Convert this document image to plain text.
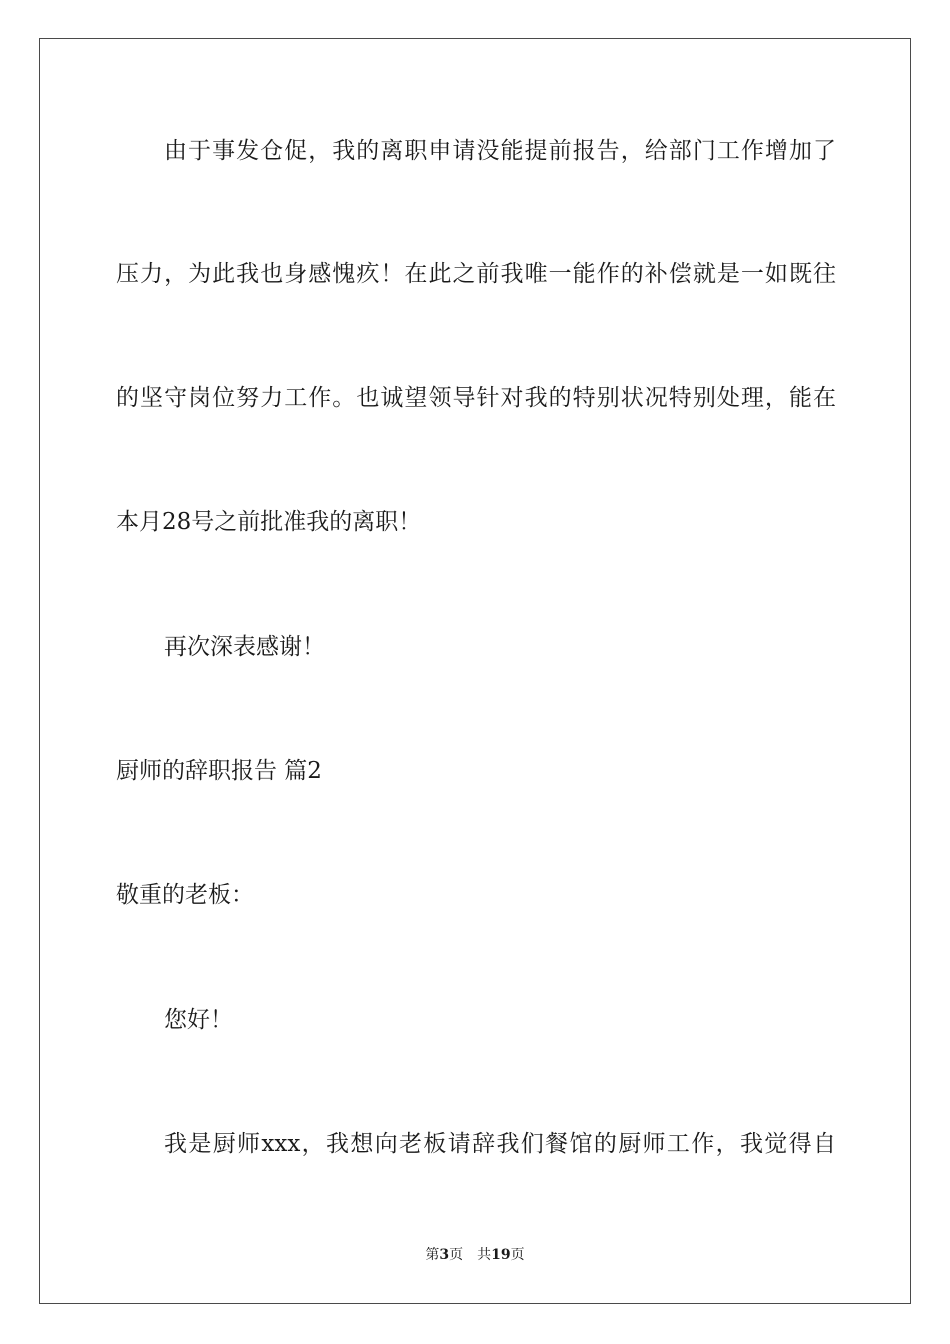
由于事发仓促，我的离职申请没能提前报告，给部门工作增加了
压力，为此我也身感愧疚！在此之前我唯一能作的补偿就是一如既往
的坚守岗位努力工作。也诚望领导针对我的特别状况特别处理，能在
本月28号之前批准我的离职！
再次深表感谢！
厨师的辞职报告 篇2
敬重的老板：
您好！
我是厨师xxx，我想向老板请辞我们餐馆的厨师工作，我觉得自
第3页 共19页
